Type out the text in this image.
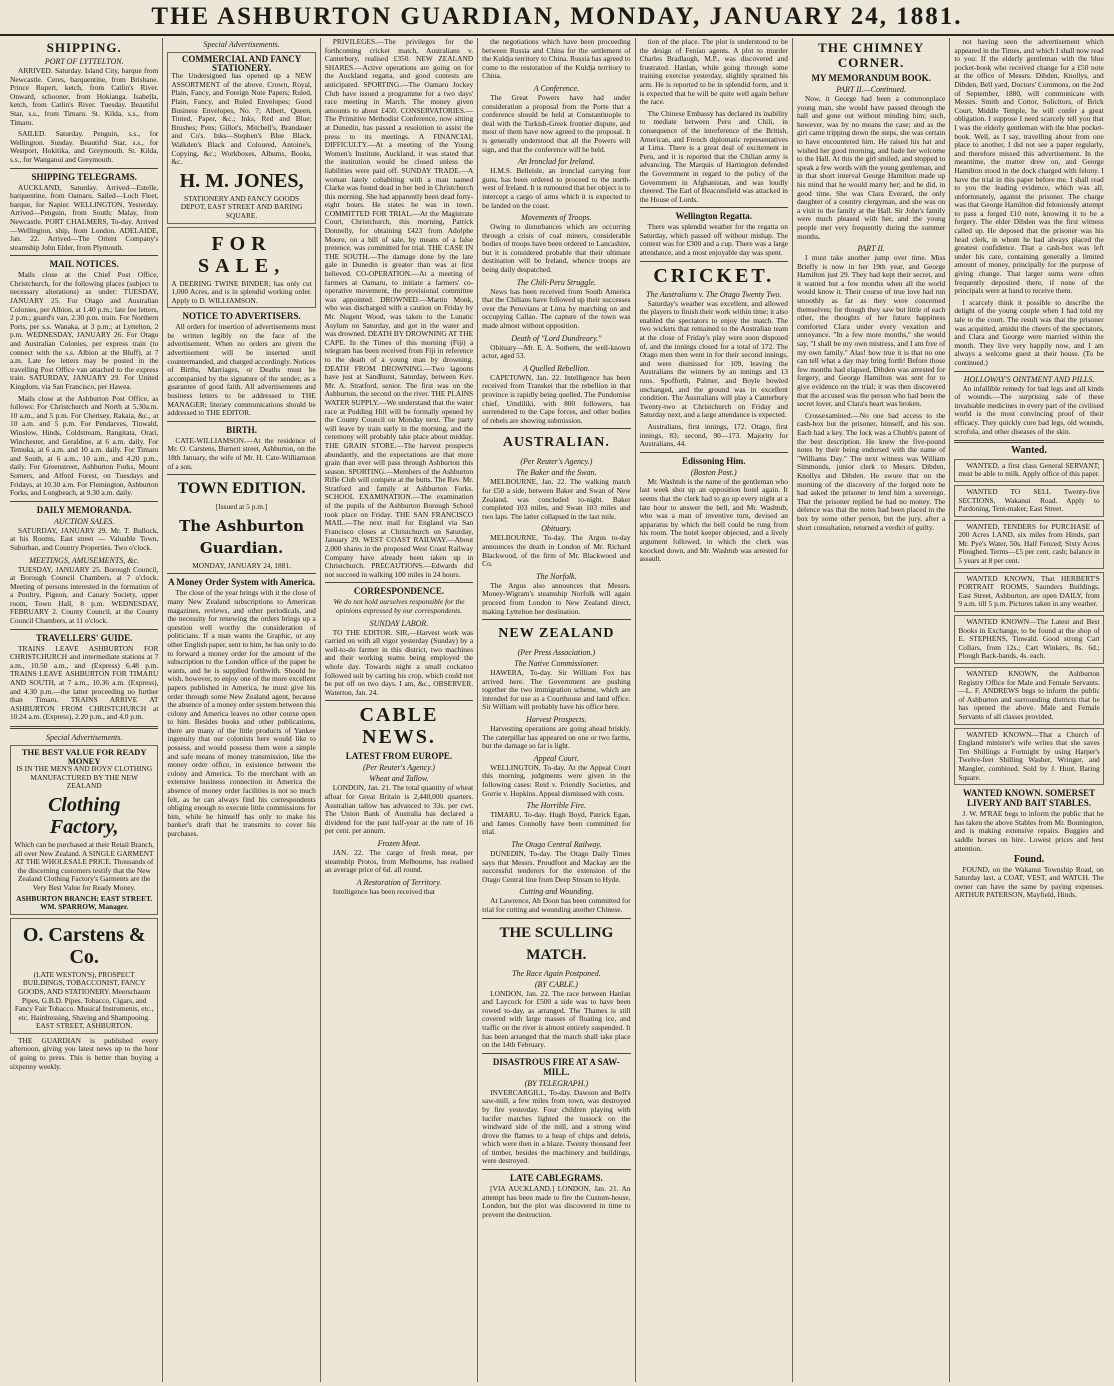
THE ASHBURTON GUARDIAN, MONDAY, JANUARY 24, 1881.
SHIPPING.
PORT OF LYTTELTON.

ARRIVED. Saturday. Island City, barque from Newcastle. Ceres, barquentine, from Brisbane. Prince Rupert, ketch, from Catlin's River. Onward, schooner, from Hokianga. Isabella, ketch, from Catlin's River. Tuesday. Beautiful Star, s.s., from Timaru. St. Kilda, s.s., from Timaru.

SAILED. Saturday. Penguin, s.s., for Wellington. Sunday. Beautiful Star, s.s., for Westport, Hokitika, and Greymouth. St. Kilda, s.s., for Wanganui and Greymouth.

SHIPPING TELEGRAMS.

AUCKLAND, Saturday. Arrived—Estelle, barquentine, from Oamaru. Sailed—Loch Fleet, barque, for Napier. WELLINGTON, Yesterday. Arrived—Penguin, from South; Malay, from Newcastle. PORT CHALMERS, To-day. Arrived—Wellington, ship, from London. ADELAIDE, Jan. 22. Arrived—The Orient Company's steamship John Elder, from Plymouth.

MAIL NOTICES.

Mails close at the Chief Post Office, Christchurch, for the following places (subject to necessary alterations) as under: TUESDAY, JANUARY 25. For Otago and Australian Colonies, per Albion, at 1.40 p.m.; late fee letters, 2 p.m.; guard's van, 2.30 p.m. train. For Northern Ports, per s.s. Wanaka, at 3 p.m.; at Lyttelton, 2 p.m. WEDNESDAY, JANUARY 26. For Otago and Australian Colonies, per express train (to connect with the s.s. Albion at the Bluff), at 7 a.m. Late fee letters may be posted in the travelling Post Office van attached to the express train. SATURDAY, JANUARY 29. For United Kingdom, via San Francisco, per Hawea.

Mails close at the Ashburton Post Office, as follows: For Christchurch and North at 5.30a.m. 10 a.m., and 5 p.m. For Chertsey, Rakaia, &c., at 10 a.m. and 5 p.m. For Pendarves, Tinwald, Winslow, Hinds, Coldstream, Rangitata, Orari, Winchester, and Geraldine, at 6 a.m. daily. For Temuka, at 6 a.m. and 10 a.m. daily. For Timaru and South, at 6 a.m., 10 a.m., and 4.20 p.m., daily. For Greenstreet, Ashburton Forks, Mount Somers, and Alford Forest, on Tuesdays and Fridays, at 10.30 a.m. For Flemington, Ashburton Forks, and Longbeach, at 9.30 a.m. daily.

DAILY MEMORANDA.
AUCTION SALES.

SATURDAY, JANUARY 29. Mr. T. Bullock, at his Rooms, East street — Valuable Town, Suburban, and Country Properties. Two o'clock.

MEETINGS, AMUSEMENTS, &c.

TUESDAY, JANUARY 25. Borough Council, at Borough Council Chambers, at 7 o'clock. Meeting of persons interested in the formation of a Poultry, Pigeon, and Canary Society, upper room, Town Hall, 8 p.m. WEDNESDAY, FEBRUARY 2. County Council, at the County Council Chambers, at 11 o'clock.

TRAVELLERS' GUIDE.

TRAINS LEAVE ASHBURTON FOR CHRISTCHURCH and intermediate stations at 7 a.m., 10.50 a.m., and (Express) 6.48 p.m. TRAINS LEAVE ASHBURTON FOR TIMARU AND SOUTH, at 7 a.m., 10.36 a.m. (Express), and 4.30 p.m.—the latter proceeding no further than Timaru. TRAINS ARRIVE AT ASHBURTON FROM CHRISTCHURCH at 10.24 a.m. (Express), 2.20 p.m., and 4.0 p.m.

Special Advertisements.
THE BEST VALUE FOR READY MONEY
IS IN THE MEN'S AND BOYS' CLOTHING MANUFACTURED BY THE NEW ZEALAND
Clothing Factory,
Which can be purchased at their Retail Branch, all over New Zealand. A SINGLE GARMENT AT THE WHOLESALE PRICE. Thousands of the discerning customers testify that the New Zealand Clothing Factory's Garments are the Very Best Value for Ready Money.
ASHBURTON BRANCH: EAST STREET. WM. SPARROW, Manager.
O. Carstens & Co.
(LATE WESTON'S), PROSPECT BUILDINGS, TOBACCONIST, FANCY GOODS, AND STATIONERY. Meerschaum Pipes, G.B.D. Pipes. Tobacco, Cigars, and Fancy Fair Tobacco. Musical Instruments, etc., etc. Hairdressing, Shaving and Shampooing. EAST STREET, ASHBURTON.

THE GUARDIAN is published every afternoon, giving you latest news up to the hour of going to press. This is better than buying a sixpenny weekly.

Special Advertisements.
COMMERCIAL AND FANCY STATIONERY.
The Undersigned has opened up a NEW ASSORTMENT of the above. Crown, Royal, Plain, Fancy, and Foreign Note Papers; Ruled, Plain, Fancy, and Ruled Envelopes; Good Business Envelopes, No. 7; Albert, Queen, Tinted, Paper, &c.; Inks, Red and Blue; Brushes; Pens; Gillot's, Mitchell's, Brandauer and Co's. Inks—Stephen's Blue Black, Walkden's Black and Coloured, Antoine's, Copying, &c.; Workboxes, Albums, Books, &c.
H. M. JONES,
STATIONERY AND FANCY GOODS DEPOT, EAST STREET AND BARING SQUARE.
FOR SALE,
A DEERING TWINE BINDER; has only cut 1,000 Acres, and is in splendid working order. Apply to D. WILLIAMSON.
NOTICE TO ADVERTISERS.

All orders for insertion of advertisements must be written legibly on the face of the advertisement. When no orders are given the advertisement will be inserted until countermanded, and charged accordingly. Notices of Births, Marriages, or Deaths must be accompanied by the signature of the sender, as a guarantee of good faith. All advertisements and business letters to be addressed to THE MANAGER; literary communications should be addressed to THE EDITOR.

BIRTH.

CATE-WILLIAMSON.—At the residence of Mr. O. Carstens, Burnett street, Ashburton, on the 18th January, the wife of Mr. H. Cate-Williamson of a son.

TOWN EDITION.

[Issued at 5 p.m.]

The Ashburton Guardian.

MONDAY, JANUARY 24, 1881.

A Money Order System with America.

The close of the year brings with it the close of many New Zealand subscriptions to American magazines, reviews, and other periodicals, and the necessity for renewing the orders brings up a question well worthy the consideration of politicians. If a man wants the Graphic, or any other English paper, sent to him, he has only to do to forward a money order for the amount of the subscription to the London office of the paper he wants, and he is supplied forthwith. Should he wish, however, to enjoy one of the more excellent papers published in America, he must give his order through some New Zealand agent, because the absence of a money order system between this colony and America leaves no other course open to him. Besides books and other publications, there are many of the little products of Yankee ingenuity that our colonists here would like to possess, and would possess them were a simple and safe means of money transmission, like the money order office, in existence between the colony and America. To the merchant with an extensive business connection in America the absence of money order facilities is not so much felt, as he can always find his correspondents obliging enough to execute little commissions for him, while he himself has only to make his banker's draft that he transmits to cover his purchases.

PRIVILEGES.—The privileges for the forthcoming cricket match, Australians v. Canterbury, realised £350. NEW ZEALAND SHARES.—Active operations are going on for the Auckland regatta, and good contests are anticipated. SPORTING.—The Oamaru Jockey Club have issued a programme for a two days' race meeting in March. The money given amounts to about £450. CONSERVATORIES.—The Primitive Methodist Conference, now sitting at Dunedin, has passed a resolution to assist the press to its meetings. A FINANCIAL DIFFICULTY.—At a meeting of the Young Women's Institute, Auckland, it was stated that the institution would be closed unless the liabilities were paid off. SUNDAY TRADE.—A woman lately cohabiting with a man named Clarke was found dead in her bed in Christchurch this morning. She had apparently been dead forty-eight hours. He states he was in town. COMMITTED FOR TRIAL.—At the Magistrate Court, Christchurch, this morning, Patrick Donnelly, for obtaining £423 from Adolphe Moore, on a bill of sale, by means of a false pretence, was committed for trial. THE CASE IN THE SOUTH.—The damage done by the late gale in Dunedin is greater than was at first believed. CO-OPERATION.—At a meeting of farmers at Oamaru, to initiate a farmers' co-operative movement, the provisional committee was appointed. DROWNED.—Martin Monk, who was discharged with a caution on Friday by Mr. Nugent Wood, was taken to the Lunatic Asylum on Saturday, and got in the water and was drowned. DEATH BY DROWNING AT THE CAPE. In the Times of this morning (Fiji) a telegram has been received from Fiji in reference to the death of a young man by drowning. DEATH FROM DROWNING.—Two lagoons have just at Sandhurst, Saturday, between Kev. Mr. A. Stratford, senior. The first was on the Ashburton, the second on the river. THE PLAINS WATER SUPPLY.—We understand that the water race at Pudding Hill will be formally opened by the County Council on Monday next. The party will leave by train early in the morning, and the ceremony will probably take place about midday. THE GRAIN STORE.—The harvest prospects abundantly, and the expectations are that more grain than ever will pass through Ashburton this season. SPORTING.—Members of the Ashburton Rifle Club will compete at the butts. The Rev. Mr. Stratford and family at Ashburton Forks. SCHOOL EXAMINATION.—The examination of the pupils of the Ashburton Borough School took place on Friday. THE SAN FRANCISCO MAIL.—The next mail for England via San Francisco closes at Christchurch on Saturday, January 29. WEST COAST RAILWAY.—About 2,000 shares in the proposed West Coast Railway Company have already been taken up in Christchurch. PRECAUTIONS.—Edwards did not succeed in walking 100 miles in 24 hours.

CORRESPONDENCE.

We do not hold ourselves responsible for the opinions expressed by our correspondents.

SUNDAY LABOR.

TO THE EDITOR. SIR,—Harvest work was carried on with all vigor yesterday (Sunday) by a well-to-do farmer in this district, two machines and their working teams being employed the whole day. Towards night a small cockatoo followed suit by carting his crop, which could not be put off on two days. I am, &c., OBSERVER. Waterton, Jan. 24.

CABLE NEWS.
LATEST FROM EUROPE.
(Per Reuter's Agency.)
Wheat and Tallow.

LONDON, Jan. 21. The total quantity of wheat afloat for Great Britain is 2,440,000 quarters. Australian tallow has advanced to 33s. per cwt. The Union Bank of Australia has declared a dividend for the past half-year at the rate of 16 per cent. per annum.

Frozen Meat.

JAN. 22. The cargo of fresh meat, per steamship Protos, from Melbourne, has realised an average price of 6d. all round.

A Restoration of Territory.

Intelligence has been received that

the negotiations which have been proceeding between Russia and China for the settlement of the Kuldja territory to China. Russia has agreed to come to the restoration of the Kuldja territory to China.

A Conference.

The Great Powers have had under consideration a proposal from the Porte that a conference should be held at Constantinople to deal with the Turkish-Greek frontier dispute, and most of them have now agreed to the proposal. It is generally understood that all the Powers will sign, and that the conference will be held.

An Ironclad for Ireland.

H.M.S. Belleisle, an ironclad carrying four guns, has been ordered to proceed to the north-west of Ireland. It is rumoured that her object is to intercept a cargo of arms which it is expected to be landed on the coast.

Movements of Troops.

Owing to disturbances which are occurring through a crisis of coal miners, considerable bodies of troops have been ordered to Lancashire, but it is considered probable that their ultimate destination will be Ireland, whence troops are being daily despatched.

The Chili-Peru Struggle.

News has been received from South America that the Chilians have followed up their successes over the Peruvians at Lima by marching on and occupying Callao. The capture of the town was made almost without opposition.

Death of "Lord Dundreary."

Obituary—Mr. E. A. Sothern, the well-known actor, aged 53.

A Quelled Rebellion.

CAPETOWN, Jan. 22. Intelligence has been received from Transkei that the rebellion in that province is rapidly being quelled. The Pondomise chief, Umdiliki, with 800 followers, has surrendered to the Cape forces, and other bodies of rebels are showing submission.

AUSTRALIAN.
(Per Reuter's Agency.)
The Baker and the Swan.

MELBOURNE, Jan. 22. The walking match for £50 a side, between Baker and Swan of New Zealand, was concluded to-night. Baker completed 103 miles, and Swan 103 miles and two laps. The latter collapsed in the last mile.

Obituary.

MELBOURNE, To-day. The Argus to-day announces the death in London of Mr. Richard Blackwood, of the firm of Mr. Blackwood and Co.

The Norfolk.

The Argus also announces that Messrs. Money-Wigram's steamship Norfolk will again proceed from London to New Zealand direct, making Lyttelton her destination.

NEW ZEALAND
(Per Press Association.)
The Native Commissioner.

HAWERA, To-day. Sir William Fox has arrived here. The Government are pushing together the two immigration scheme, which are intended for use as a Courthouse and land office. Sir William will probably have his office here.

Harvest Prospects.

Harvesting operations are going ahead briskly. The caterpillar has appeared on one or two farms, but the damage so far is light.

Appeal Court.

WELLINGTON, To-day. At the Appeal Court this morning, judgments were given in the following cases: Reid v. Friendly Societies, and Gorrie v. Hopkins. Appeal dismissed with costs.

The Horrible Fire.

TIMARU, To-day. Hugh Boyd, Patrick Egan, and James Connolly have been committed for trial.

The Otago Central Railway.

DUNEDIN, To-day. The Otago Daily Times says that Messrs. Proudfoot and Mackay are the successful tenderers for the extension of the Otago Central line from Deep Stream to Hyde.

Cutting and Wounding.

At Lawrence, Ah Doon has been committed for trial for cutting and wounding another Chinese.

THE SCULLING MATCH.
The Race Again Postponed.
(BY CABLE.)

LONDON, Jan. 22. The race between Hanlan and Laycock for £500 a side was to have been rowed to-day, as arranged. The Thames is still covered with large masses of floating ice, and traffic on the river is almost entirely suspended. It has been arranged that the match shall take place on the 14th February.

DISASTROUS FIRE AT A SAW-MILL.
(BY TELEGRAPH.)

INVERCARGILL, To-day. Dawson and Bell's saw-mill, a few miles from town, was destroyed by fire yesterday. Four children playing with lucifer matches lighted the tussock on the windward side of the mill, and a strong wind drove the flames to a heap of chips and debris, which were then in a blaze. Twenty thousand feet of timber, besides the machinery and buildings, were destroyed.

LATE CABLEGRAMS.

[VIA AUCKLAND.] LONDON, Jan. 21. An attempt has been made to fire the Custom-house, London, but the plot was discovered in time to prevent the destruction.

tion of the place. The plot is understood to be the design of Fenian agents. A plot to murder Charles Bradlaugh, M.P., was discovered and frustrated. Hanlan, while going through some training exercise yesterday, slightly sprained his arm. He is reported to be in splendid form, and it is expected that he will be quite well again before the race.

The Chinese Embassy has declared its inability to mediate between Peru and Chili, in consequence of the interference of the British, American, and French diplomatic representatives at Lima. There is a great deal of excitement in Peru, and it is reported that the Chilian army is advancing. The Marquis of Hartington defended the Government in regard to the policy of the Government in Afghanistan, and was loudly cheered. The Earl of Beaconsfield was attacked in the House of Lords.

Wellington Regatta.

There was splendid weather for the regatta on Saturday, which passed off without mishap. The contest was for £300 and a cup. There was a large attendance, and a most enjoyable day was spent.

CRICKET.
The Australians v. The Otago Twenty Two.

Saturday's weather was excellent, and allowed the players to finish their work within time; it also enabled the spectators to enjoy the match. The two wickets that remained to the Australian team at the close of Friday's play were soon disposed of, and the innings closed for a total of 172. The Otago men then went in for their second innings, and were dismissed for 109, leaving the Australians the winners by an innings and 13 runs. Spofforth, Palmer, and Boyle bowled unchanged, and the ground was in excellent condition. The Australians will play a Canterbury Twenty-two at Christchurch on Friday and Saturday next, and a large attendance is expected.

Australians, first innings, 172. Otago, first innings, 83; second, 90—173. Majority for Australians, 44.

Edissoning Him.
(Boston Post.)

Mr. Washtub is the name of the gentleman who last week shot up an opposition hotel again. It seems that the clerk had to go up every night at a late hour to answer the bell, and Mr. Washtub, who was a man of inventive turn, devised an apparatus by which the bell could be rung from his room. The hotel keeper objected, and a lively argument followed, in which the clerk was knocked down, and Mr. Washtub was arrested for assault.

THE CHIMNEY CORNER.
MY MEMORANDUM BOOK.
PART II.—Continued.

Now, it George had been a commonplace young man, she would have passed through the hall and gone out without minding him; such, however, was by no means the case; and as the girl came tripping down the steps, she was certain to have encountered him. He raised his hat and wished her good morning, and bade her welcome to the Hall. At this the girl smiled, and stopped to speak a few words with the young gentleman, and in that short interval George Hamilton made up his mind that he would marry her; and he did, in good time. She was Clara Everard, the only daughter of a country clergyman, and she was on a visit to the family at the Hall. Sir John's family were much pleased with her, and the young people met very frequently during the summer months.

PART II.

I must take another jump over time. Miss Briefly is now in her 19th year, and George Hamilton just 29. They had kept their secret, and it wanted but a few months when all the world would know it. Their course of true love had run smoothly as far as they were concerned themselves; for though they saw but little of each other, the thoughts of her future happiness comforted Clara under every vexation and annoyance. "In a few more months," she would say, "I shall be my own mistress, and I am free of my own family." Alas! how true it is that no one can tell what a day may bring forth! Before those few months had elapsed, Dibden was arrested for forgery, and George Hamilton was sent for to give evidence on the trial; it was then discovered that the accused was the person who had been the secret lover, and Clara's heart was broken.

Crossexamined.—No one had access to the cash-box but the prisoner, himself, and his son. Each had a key. The lock was a Chubb's patent of the best description. He knew the five-pound notes by their being endorsed with the name of "Williams Day." The next witness was William Simmonds, junior clerk to Messrs. Dibden, Knollys and Dibden. He swore that on the morning of the discovery of the forged note he had asked the prisoner to lend him a sovereign. That the prisoner replied he had no money. The defence was that the notes had been placed in the box by some other person, but the jury, after a short consultation, returned a verdict of guilty.

not having seen the advertisement which appeared in the Times, and which I shall now read to you: If the elderly gentleman with the blue pocket-book who received change for a £50 note at the office of Messrs. Dibden, Knollys, and Dibden, Bell yard, Doctors' Commons, on the 2nd of September, 1880, will communicate with Messrs. Smith and Cottor, Solicitors, of Brick Court, Middle Temple, he will confer a great obligation. I suppose I need scarcely tell you that I was the elderly gentleman with the blue pocket-book. Well, as I say, travelling about from one place to another, I did not see a paper regularly, and therefore missed this advertisement. In the meantime, the matter drew on, and George Hamilton stood in the dock charged with felony. I have the trial in this paper before me. I shall read to you the leading evidence, which was all, unfortunately, against the prisoner. The charge was that George Hamilton did feloniously attempt to pass a forged £10 note, knowing it to be a forgery. The elder Dibden was the first witness called up. He deposed that the prisoner was his head clerk, in whom he had always placed the greatest confidence. That a cash-box was left under his care, containing generally a limited amount of money, principally for the purpose of giving change. That larger sums were often frequently deposited there, if none of the principals were at hand to receive them.

I scarcely think it possible to describe the delight of the young couple when I had told my tale to the court. The result was that the prisoner was acquitted, amidst the cheers of the spectators, and Clara and George were married within the month. They live very happily now, and I am always a welcome guest at their house. (To be continued.)

HOLLOWAY'S OINTMENT AND PILLS.

An infallible remedy for bad legs and all kinds of wounds.—The surprising sale of these invaluable medicines in every part of the civilised world is the most convincing proof of their efficacy. They quickly cure bad legs, old wounds, scrofula, and other diseases of the skin.

Wanted.

WANTED, a first class General SERVANT; must be able to milk. Apply office of this paper.

WANTED TO SELL Twenty-five SECTIONS, Wakanui Road. Apply to Pardoning, Tent-maker, East Street.

WANTED, TENDERS for PURCHASE of 200 Acres LAND, six miles from Hinds, part Mr. Pye's Water, 50s. Half Fenced; Sixty Acres Ploughed. Terms—£5 per cent. cash; balance in 5 years at 8 per cent.

WANTED KNOWN, That HERBERT'S PORTRAIT ROOMS, Saunders Buildings, East Street, Ashburton, are open DAILY, from 9 a.m. till 5 p.m. Pictures taken in any weather.

WANTED KNOWN—The Latest and Best Books in Exchange, to be found at the shop of E. STEPHENS, Tinwald. Good strong Cart Collars, from 12s.; Cart Winkers, 8s. 6d.; Plough Back-bands, 4s. each.

WANTED KNOWN, the Ashburton Registry Office for Male and Female Servants.—L. F. ANDREWS begs to inform the public of Ashburton and surrounding districts that he has opened the above. Male and Female Servants of all classes provided.

WANTED KNOWN—That a Church of England minister's wife writes that she saves Ten Shillings a Fortnight by using Harper's Twelve-feet Shilling Washer, Wringer, and Mangler, combined. Sold by J. Hunt, Baring Square.

WANTED KNOWN. SOMERSET LIVERY AND BAIT STABLES.

J. W. M'RAE begs to inform the public that he has taken the above Stables from Mr. Bonnington, and is making extensive repairs. Buggies and saddle horses on hire. Lowest prices and best attention.

Found.

FOUND, on the Wakanui Township Road, on Saturday last, a COAT, VEST, and WATCH. The owner can have the same by paying expenses. ARTHUR PATERSON, Mayfield, Hinds.
